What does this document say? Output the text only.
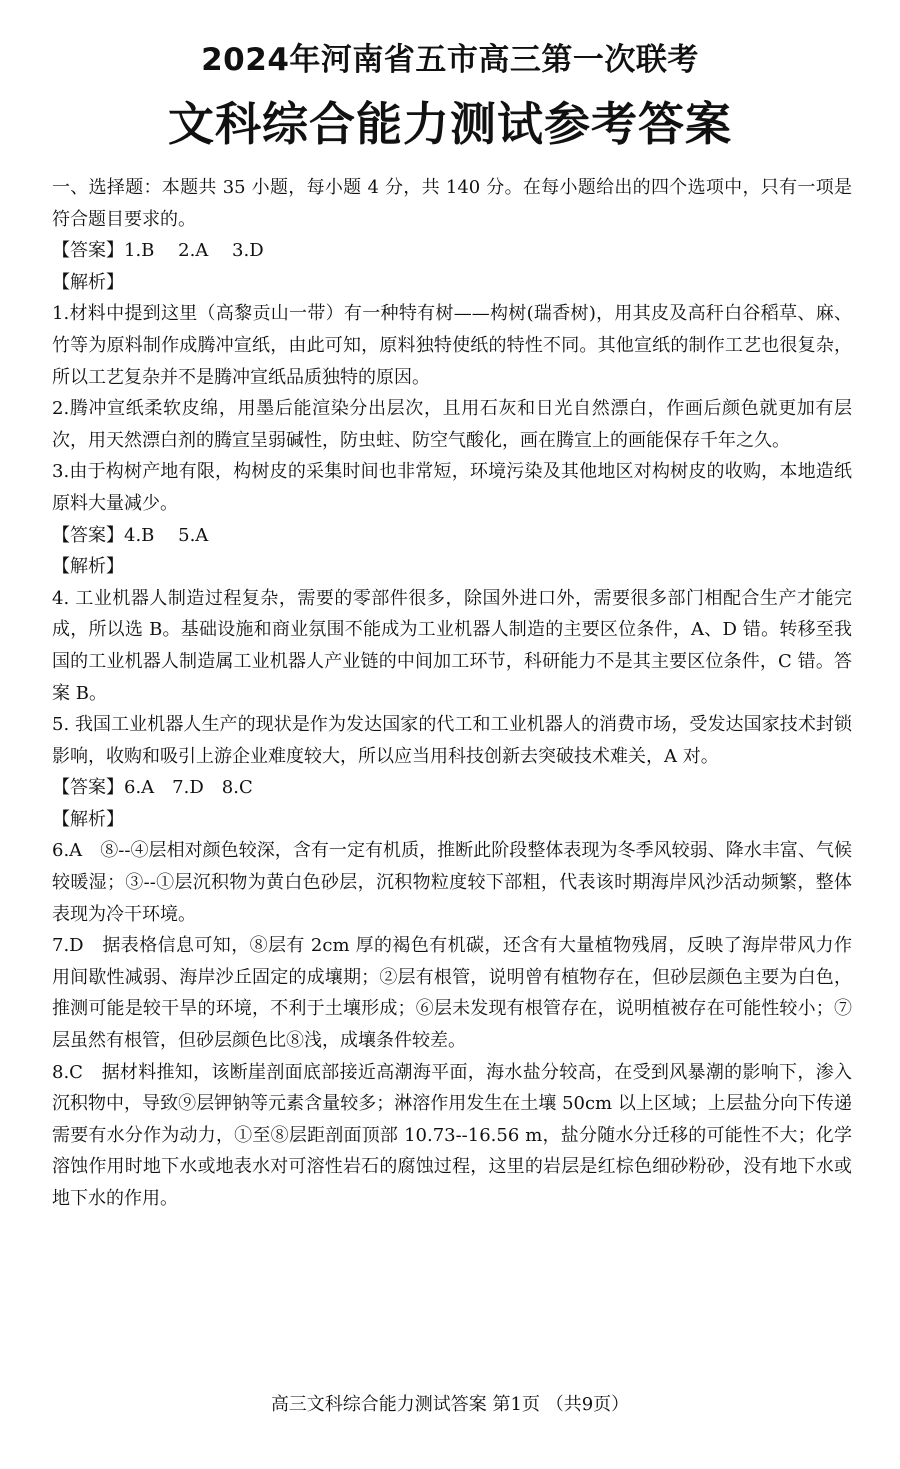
2024年河南省五市高三第一次联考
文科综合能力测试参考答案

一、选择题：本题共 35 小题，每小题 4 分，共 140 分。在每小题给出的四个选项中，只有一项是符合题目要求的。

【答案】1.B　 2.A　 3.D

【解析】

1.材料中提到这里（高黎贡山一带）有一种特有树——构树(瑞香树)，用其皮及高秆白谷稻草、麻、竹等为原料制作成腾冲宣纸，由此可知，原料独特使纸的特性不同。其他宣纸的制作工艺也很复杂，所以工艺复杂并不是腾冲宣纸品质独特的原因。

2.腾冲宣纸柔软皮绵，用墨后能渲染分出层次，且用石灰和日光自然漂白，作画后颜色就更加有层次，用天然漂白剂的腾宣呈弱碱性，防虫蛀、防空气酸化，画在腾宣上的画能保存千年之久。

3.由于构树产地有限，构树皮的采集时间也非常短，环境污染及其他地区对构树皮的收购，本地造纸原料大量减少。

【答案】4.B　 5.A

【解析】

4. 工业机器人制造过程复杂，需要的零部件很多，除国外进口外，需要很多部门相配合生产才能完成，所以选 B。基础设施和商业氛围不能成为工业机器人制造的主要区位条件，A、D 错。转移至我国的工业机器人制造属工业机器人产业链的中间加工环节，科研能力不是其主要区位条件，C 错。答案 B。

5. 我国工业机器人生产的现状是作为发达国家的代工和工业机器人的消费市场，受发达国家技术封锁影响，收购和吸引上游企业难度较大，所以应当用科技创新去突破技术难关，A 对。

【答案】6.A　7.D　8.C

【解析】

6.A　⑧--④层相对颜色较深，含有一定有机质，推断此阶段整体表现为冬季风较弱、降水丰富、气候较暖湿；③--①层沉积物为黄白色砂层，沉积物粒度较下部粗，代表该时期海岸风沙活动频繁，整体表现为冷干环境。

7.D　据表格信息可知，⑧层有 2cm 厚的褐色有机碳，还含有大量植物残屑，反映了海岸带风力作用间歇性减弱、海岸沙丘固定的成壤期；②层有根管，说明曾有植物存在，但砂层颜色主要为白色，推测可能是较干旱的环境，不利于土壤形成；⑥层未发现有根管存在，说明植被存在可能性较小；⑦层虽然有根管，但砂层颜色比⑧浅，成壤条件较差。

8.C　据材料推知，该断崖剖面底部接近高潮海平面，海水盐分较高，在受到风暴潮的影响下，渗入沉积物中，导致⑨层钾钠等元素含量较多；淋溶作用发生在土壤 50cm 以上区域；上层盐分向下传递需要有水分作为动力，①至⑧层距剖面顶部 10.73--16.56 m，盐分随水分迁移的可能性不大；化学溶蚀作用时地下水或地表水对可溶性岩石的腐蚀过程，这里的岩层是红棕色细砂粉砂，没有地下水或地下水的作用。

高三文科综合能力测试答案 第1页 （共9页）
